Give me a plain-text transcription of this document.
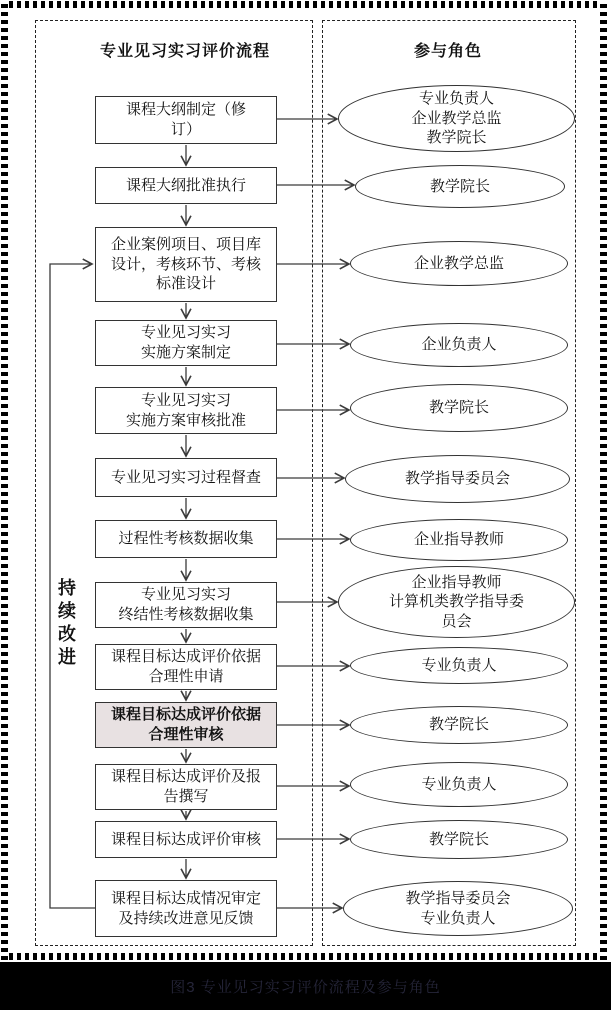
专业见习实习评价流程	参与角色
持续改进
课程大纲制定（修
订）
专业负责人
企业教学总监
教学院长
课程大纲批准执行	教学院长
企业案例项目、项目库
设计，考核环节、考核
标准设计
企业教学总监
专业见习实习
实施方案制定	企业负责人
专业见习实习
实施方案审核批准
教学院长
专业见习实习过程督查	教学指导委员会
过程性考核数据收集	企业指导教师
专业见习实习
终结性考核数据收集
企业指导教师
计算机类教学指导委
员会
课程目标达成评价依据
合理性申请
专业负责人
课程目标达成评价依据
合理性审核
教学院长
课程目标达成评价及报
告撰写
专业负责人
课程目标达成评价审核	教学院长
课程目标达成情况审定
及持续改进意见反馈
教学指导委员会
专业负责人
图3 专业见习实习评价流程及参与角色
